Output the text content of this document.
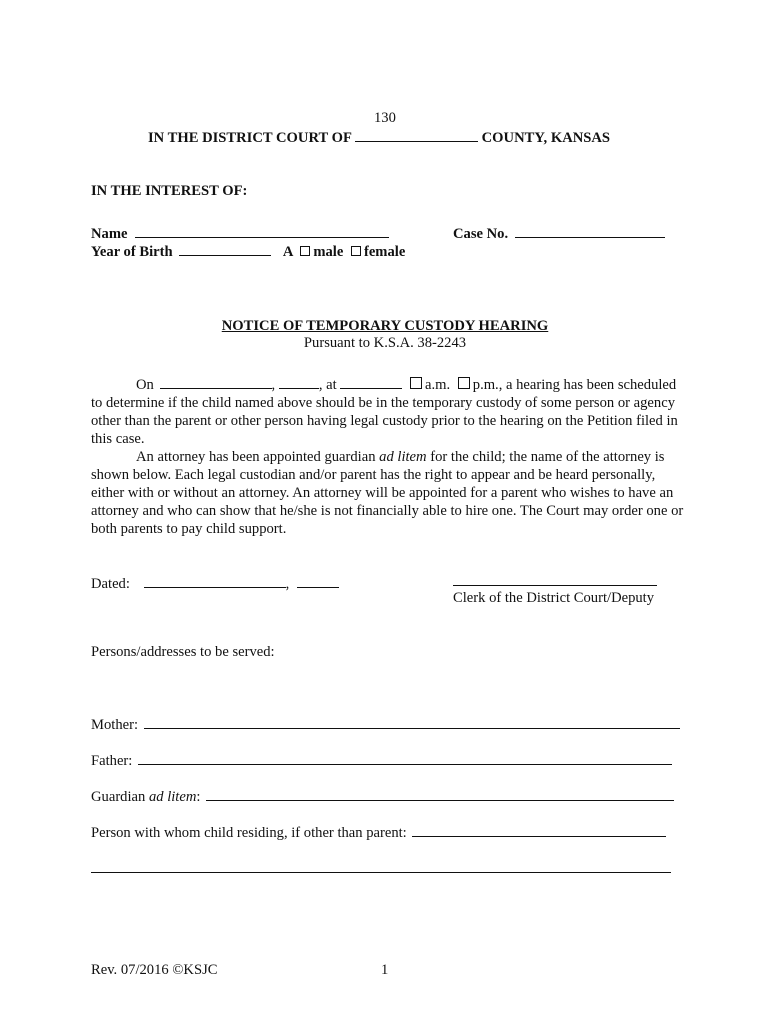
130
IN THE DISTRICT COURT OF	COUNTY, KANSAS
IN THE INTEREST OF:
Name	Case No.
Year of Birth	A male female
NOTICE OF TEMPORARY CUSTODY HEARING
Pursuant to K.S.A. 38-2243
On	,	, at	a.m. p.m., a hearing has been scheduled

to determine if the child named above should be in the temporary custody of some person or agency other than the parent or other person having legal custody prior to the hearing on the Petition filed in this case.

An attorney has been appointed guardian ad litem for the child; the name of the attorney is shown below. Each legal custodian and/or parent has the right to appear and be heard personally, either with or without an attorney. An attorney will be appointed for a parent who wishes to have an attorney and who can show that he/she is not financially able to hire one. The Court may order one or both parents to pay child support.

Dated:	,
Clerk of the District Court/Deputy
Persons/addresses to be served:
Mother:
Father:
Guardian ad litem:
Person with whom child residing, if other than parent:
Rev. 07/2016 ©KSJC	1
